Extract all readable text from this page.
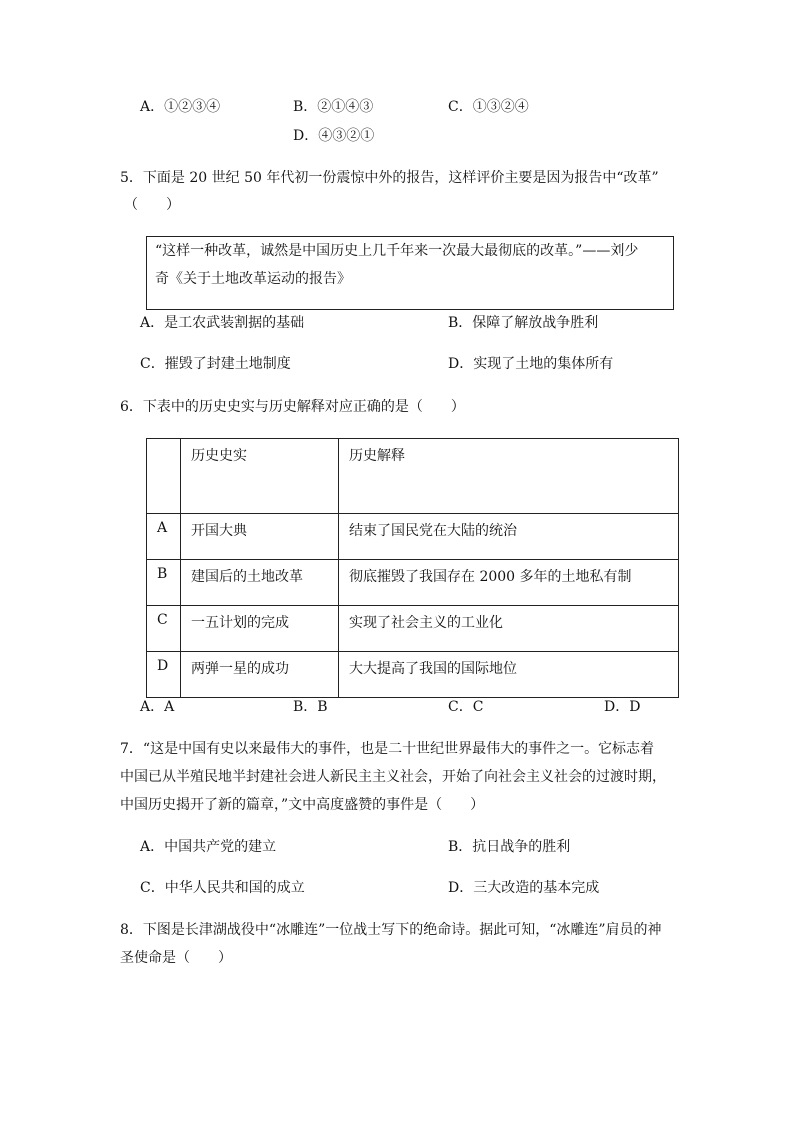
A．①②③④	B．②①④③	C．①③②④
D．④③②①
5．下面是 20 世纪 50 年代初一份震惊中外的报告，这样评价主要是因为报告中“改革”
（　　）
“这样一种改革，诚然是中国历史上几千年来一次最大最彻底的改革。”——刘少
奇《关于土地改革运动的报告》
A．是工农武装割据的基础	B．保障了解放战争胜利
C．摧毁了封建土地制度	D．实现了土地的集体所有
6．下表中的历史史实与历史解释对应正确的是（　　）

	历史史实	历史解释

A	开国大典	结束了国民党在大陆的统治

B	建国后的土地改革	彻底摧毁了我国存在 2000 多年的土地私有制

C	一五计划的完成	实现了社会主义的工业化

D	两弹一星的成功	大大提高了我国的国际地位
A．A	B．B	C．C	D．D
7．“这是中国有史以来最伟大的事件，也是二十世纪世界最伟大的事件之一。它标志着
中国已从半殖民地半封建社会进人新民主主义社会，开始了向社会主义社会的过渡时期，
中国历史揭开了新的篇章，”文中高度盛赞的事件是（　　）
A．中国共产党的建立	B．抗日战争的胜利
C．中华人民共和国的成立	D．三大改造的基本完成
8．下图是长津湖战役中“冰雕连”一位战士写下的绝命诗。据此可知，“冰雕连”肩员的神
圣使命是（　　）
